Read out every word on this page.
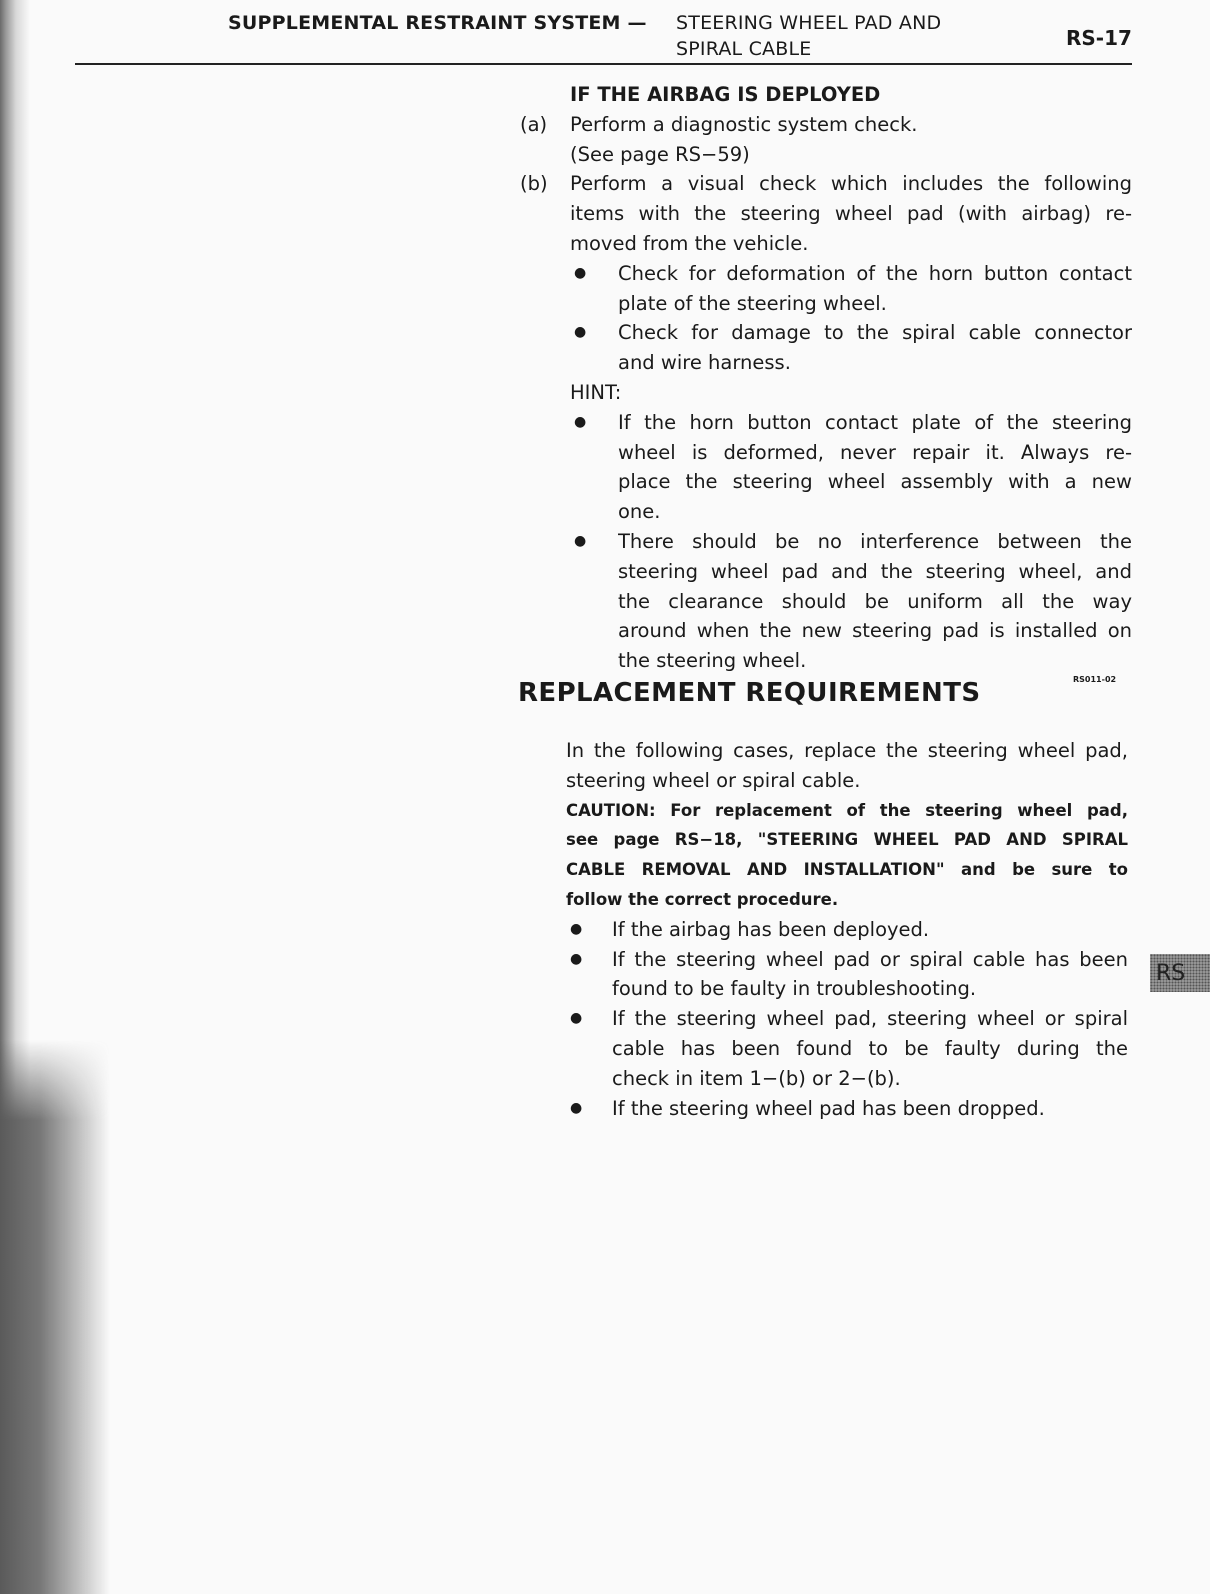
SUPPLEMENTAL RESTRAINT SYSTEM — STEERING WHEEL PAD AND
SPIRAL CABLE	RS-17
IF THE AIRBAG IS DEPLOYED
(a)	Perform a diagnostic system check.
(See page RS−59)
(b)	Perform a visual check which includes the following
items with the steering wheel pad (with airbag) re-
moved from the vehicle.
●	Check for deformation of the horn button contact
plate of the steering wheel.
●	Check for damage to the spiral cable connector
and wire harness.
HINT:
●	If the horn button contact plate of the steering
wheel is deformed, never repair it. Always re-
place the steering wheel assembly with a new
one.
●	There should be no interference between the
steering wheel pad and the steering wheel, and
the clearance should be uniform all the way
around when the new steering pad is installed on
the steering wheel.
RS011-02
REPLACEMENT REQUIREMENTS
In the following cases, replace the steering wheel pad,
steering wheel or spiral cable.
CAUTION: For replacement of the steering wheel pad,
see page RS−18, "STEERING WHEEL PAD AND SPIRAL
CABLE REMOVAL AND INSTALLATION" and be sure to
follow the correct procedure.
●	If the airbag has been deployed.
●	If the steering wheel pad or spiral cable has been
found to be faulty in troubleshooting.
●	If the steering wheel pad, steering wheel or spiral
cable has been found to be faulty during the
check in item 1−(b) or 2−(b).
●	If the steering wheel pad has been dropped.
RS
